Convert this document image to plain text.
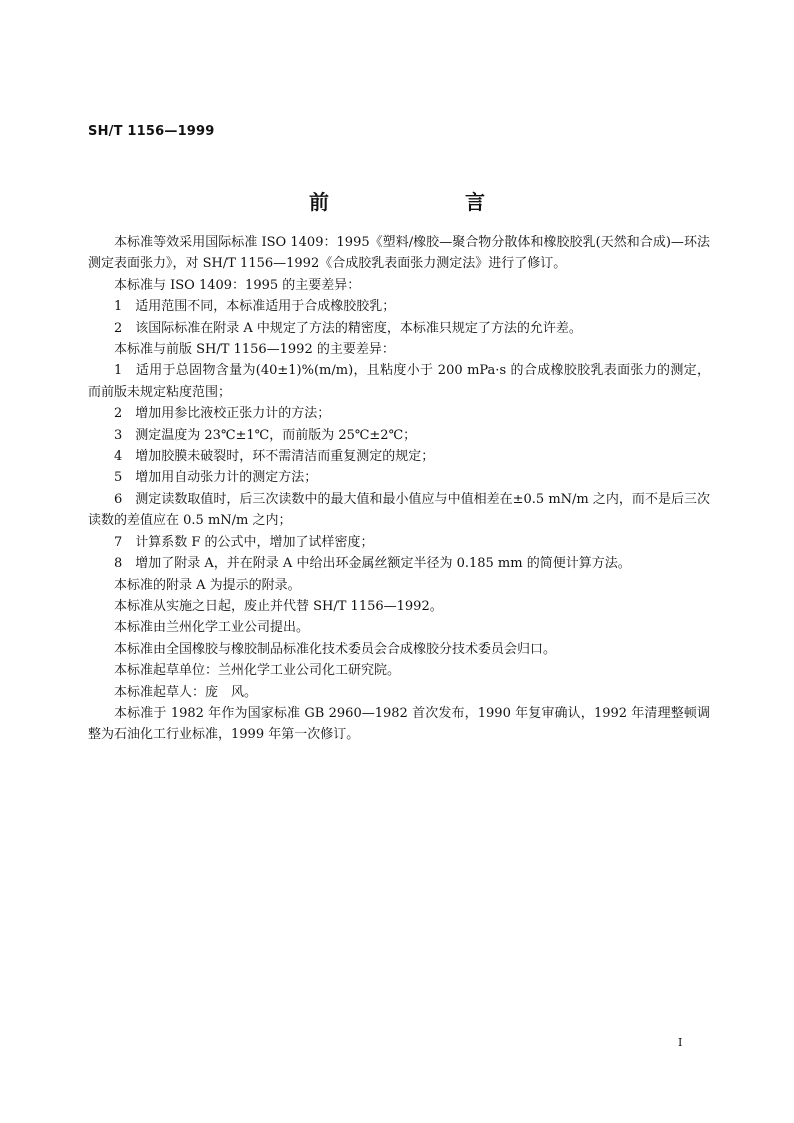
SH/T 1156—1999
前　言

本标准等效采用国际标准 ISO 1409：1995《塑料/橡胶—聚合物分散体和橡胶胶乳(天然和合成)—环法测定表面张力》，对 SH/T 1156—1992《合成胶乳表面张力测定法》进行了修订。

本标准与 ISO 1409：1995 的主要差异：

1　适用范围不同，本标准适用于合成橡胶胶乳；

2　该国际标准在附录 A 中规定了方法的精密度，本标准只规定了方法的允许差。

本标准与前版 SH/T 1156—1992 的主要差异：

1　适用于总固物含量为(40±1)%(m/m)，且粘度小于 200 mPa·s 的合成橡胶胶乳表面张力的测定，而前版未规定粘度范围；

2　增加用参比液校正张力计的方法；

3　测定温度为 23℃±1℃，而前版为 25℃±2℃；

4　增加胶膜未破裂时，环不需清洁而重复测定的规定；

5　增加用自动张力计的测定方法；

6　测定读数取值时，后三次读数中的最大值和最小值应与中值相差在±0.5 mN/m 之内，而不是后三次读数的差值应在 0.5 mN/m 之内；

7　计算系数 F 的公式中，增加了试样密度；

8　增加了附录 A，并在附录 A 中给出环金属丝额定半径为 0.185 mm 的简便计算方法。

本标准的附录 A 为提示的附录。

本标准从实施之日起，废止并代替 SH/T 1156—1992。

本标准由兰州化学工业公司提出。

本标准由全国橡胶与橡胶制品标准化技术委员会合成橡胶分技术委员会归口。

本标准起草单位：兰州化学工业公司化工研究院。

本标准起草人：庞　风。

本标准于 1982 年作为国家标准 GB 2960—1982 首次发布，1990 年复审确认，1992 年清理整顿调整为石油化工行业标准，1999 年第一次修订。

I
